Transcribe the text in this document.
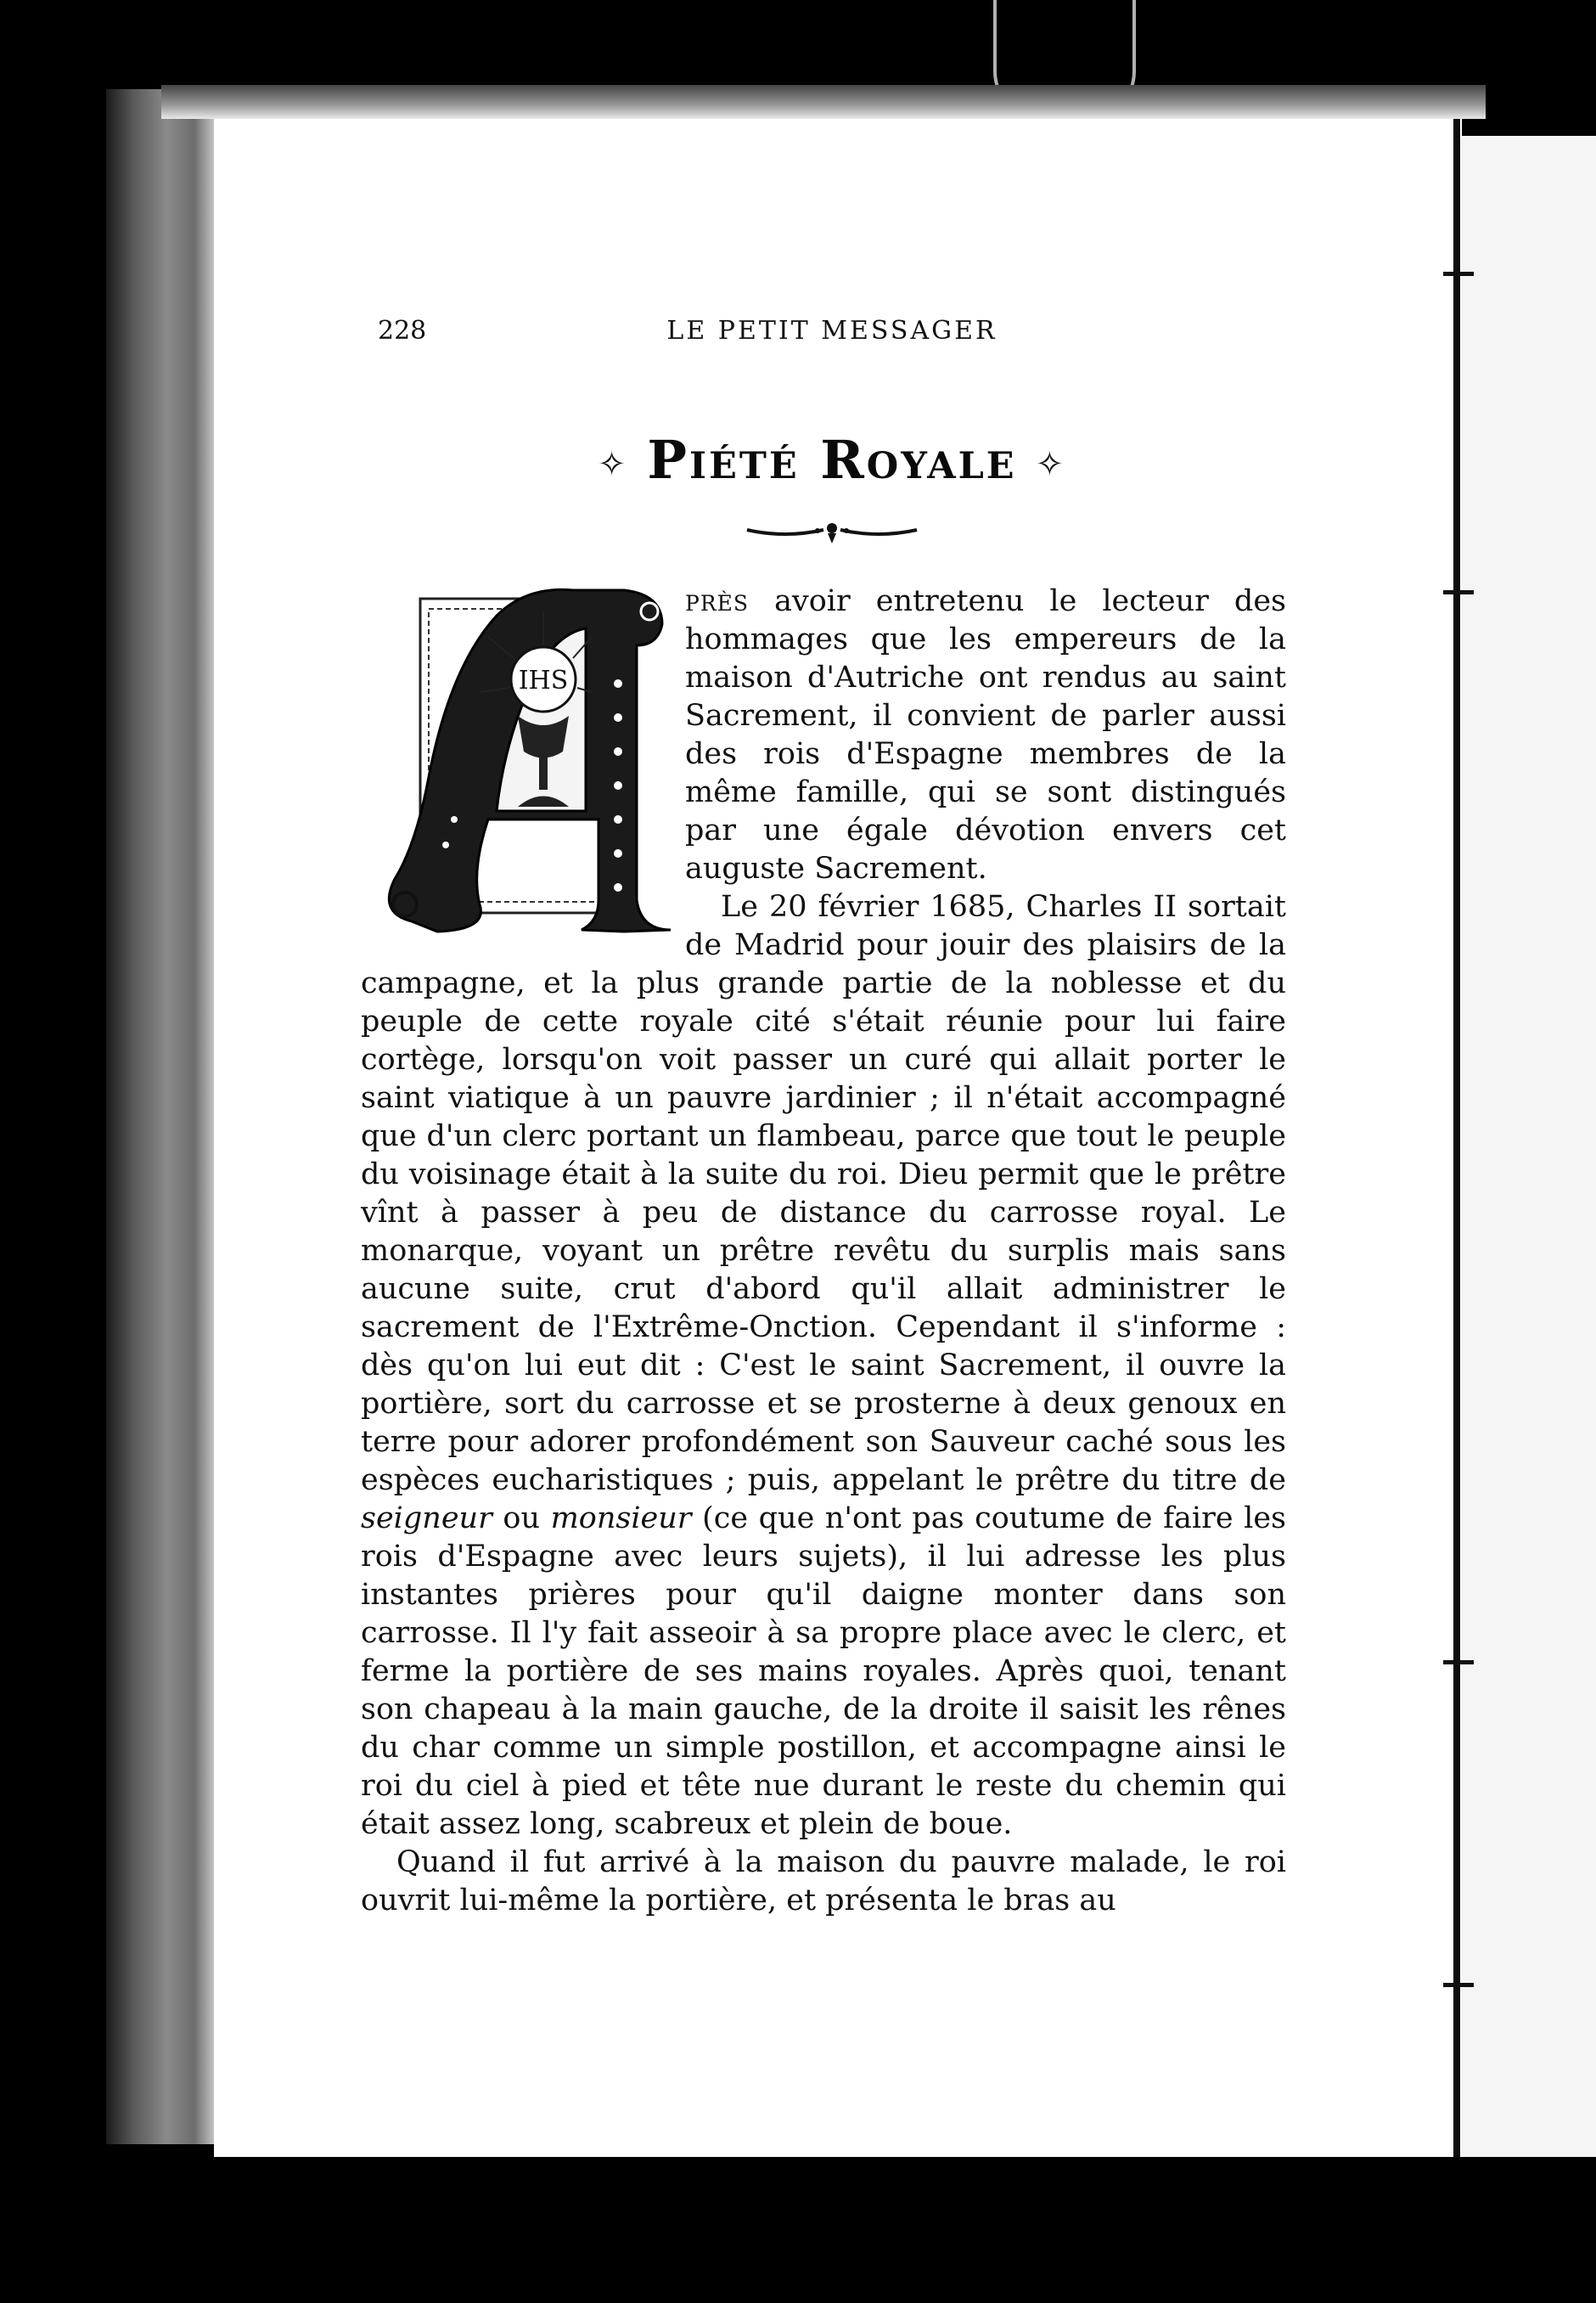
228	LE PETIT MESSAGER
✧ Piété Royale ✧
IHS
A

près avoir entretenu le lecteur des hommages que les empereurs de la maison d'Autriche ont rendus au saint Sacrement, il convient de parler aussi des rois d'Espagne membres de la même famille, qui se sont distingués par une égale dévotion envers cet auguste Sacrement.

Le 20 février 1685, Charles II sortait de Madrid pour jouir des plaisirs de la campagne, et la plus grande partie de la noblesse et du peuple de cette royale cité s'était réunie pour lui faire cortège, lorsqu'on voit passer un curé qui allait porter le saint viatique à un pauvre jardinier ; il n'était accompagné que d'un clerc portant un flambeau, parce que tout le peuple du voisinage était à la suite du roi. Dieu permit que le prêtre vînt à passer à peu de distance du carrosse royal. Le monarque, voyant un prêtre revêtu du surplis mais sans aucune suite, crut d'abord qu'il allait administrer le sacrement de l'Extrême-Onction. Cependant il s'informe : dès qu'on lui eut dit : C'est le saint Sacrement, il ouvre la portière, sort du carrosse et se prosterne à deux genoux en terre pour adorer profondément son Sauveur caché sous les espèces eucharistiques ; puis, appelant le prêtre du titre de seigneur ou monsieur (ce que n'ont pas coutume de faire les rois d'Espagne avec leurs sujets), il lui adresse les plus instantes prières pour qu'il daigne monter dans son carrosse. Il l'y fait asseoir à sa propre place avec le clerc, et ferme la portière de ses mains royales. Après quoi, tenant son chapeau à la main gauche, de la droite il saisit les rênes du char comme un simple postillon, et accompagne ainsi le roi du ciel à pied et tête nue durant le reste du chemin qui était assez long, scabreux et plein de boue.

Quand il fut arrivé à la maison du pauvre malade, le roi ouvrit lui-même la portière, et présenta le bras au
